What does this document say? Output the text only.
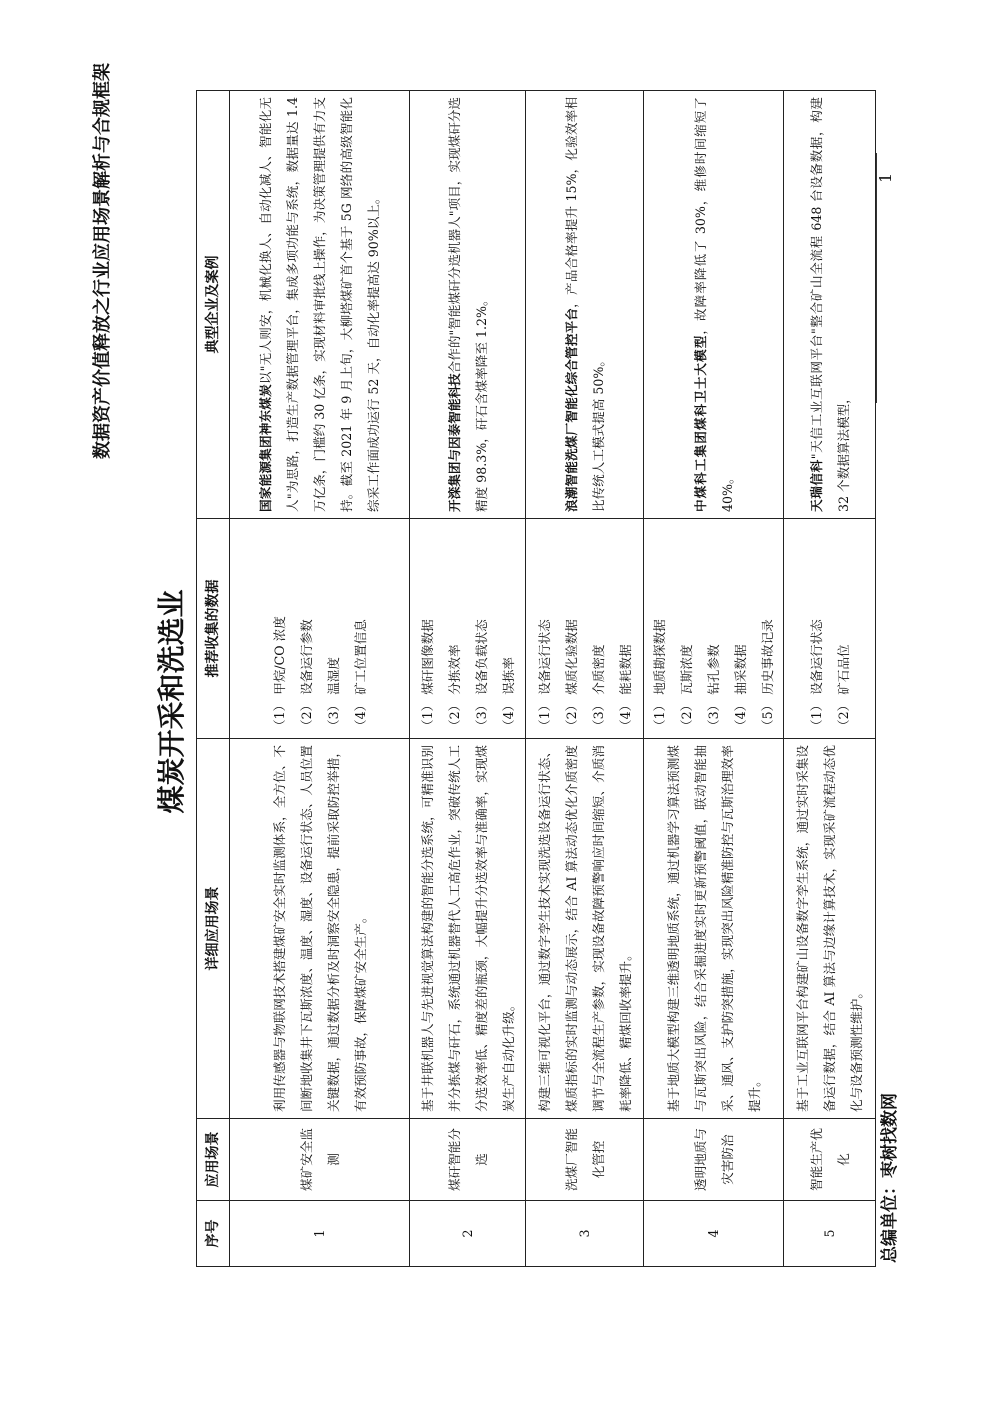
数据资产价值释放之行业应用场景解析与合规框架
煤炭开采和洗选业
序号	应用场景	详细应用场景	推荐收集的数据	典型企业及案例
1	煤矿安全监测	利用传感器与物联网技术搭建煤矿安全实时监测体系，全方位、不间断地收集井下瓦斯浓度、温度、湿度、设备运行状态、人员位置关键数据，通过数据分析及时洞察安全隐患，提前采取防控举措，有效预防事故，保障煤矿安全生产。	（1） 甲烷/CO 浓度 （2） 设备运行参数 （3） 温湿度 （4） 矿工位置信息	国家能源集团神东煤炭以"无人则安，机械化换人、自动化减人、智能化无人"为思路，打造生产数据管理平台，集成多项功能与系统，数据量达 1.4 万亿条，门槛约 30 亿条，实现材料审批线上操作，为决策管理提供有力支持。截至 2021 年 9 月上旬，大柳塔煤矿首个基于 5G 网络的高级智能化综采工作面成功运行 52 天，自动化率提高达 90%以上。
2	煤矸智能分选	基于井联机器人与先进视觉算法构建的智能分选系统，可精准识别并分拣煤与矸石，系统通过机器替代人工高危作业，突破传统人工分选效率低、精度差的瓶颈，大幅提升分选效率与准确率，实现煤炭生产自动化升级。	（1） 煤矸图像数据 （2） 分拣效率 （3） 设备负载状态 （4） 误拣率	开滦集团与因泰智能科技合作的"智能煤矸分选机器人"项目，实现煤矸分选精度 98.3%，矸石含煤率降至 1.2%。
3	洗煤厂智能化管控	构建三维可视化平台，通过数字孪生技术实现洗选设备运行状态、煤质指标的实时监测与动态展示，结合 AI 算法动态优化介质密度调节与全流程生产参数，实现设备故障预警响应时间缩短、介质消耗率降低、精煤回收率提升。	（1） 设备运行状态 （2） 煤质化验数据 （3） 介质密度 （4） 能耗数据	浪潮智能洗煤厂智能化综合管控平台，产品合格率提升 15%，化验效率相比传统人工模式提高 50%。
4	透明地质与灾害防治	基于地质大模型构建三维透明地质系统，通过机器学习算法预测煤与瓦斯突出风险，结合采掘进度实时更新预警阈值，联动智能抽采、通风、支护防突措施，实现突出风险精准防控与瓦斯治理效率提升。	（1） 地质勘探数据 （2） 瓦斯浓度 （3） 钻孔参数 （4） 抽采数据 （5） 历史事故记录	中煤科工集团煤科卫士大模型，故障率降低了 30%，维修时间缩短了 40%。
5	智能生产优化	基于工业互联网平台构建矿山设备数字孪生系统，通过实时采集设备运行数据，结合 AI 算法与边缘计算技术，实现采矿流程动态优化与设备预测性维护。	（1） 设备运行状态 （2） 矿石品位	天瑞信科"天信工业互联网平台"整合矿山全流程 648 台设备数据，构建 32 个数据算法模型，
总编单位：枣树找数网
1
